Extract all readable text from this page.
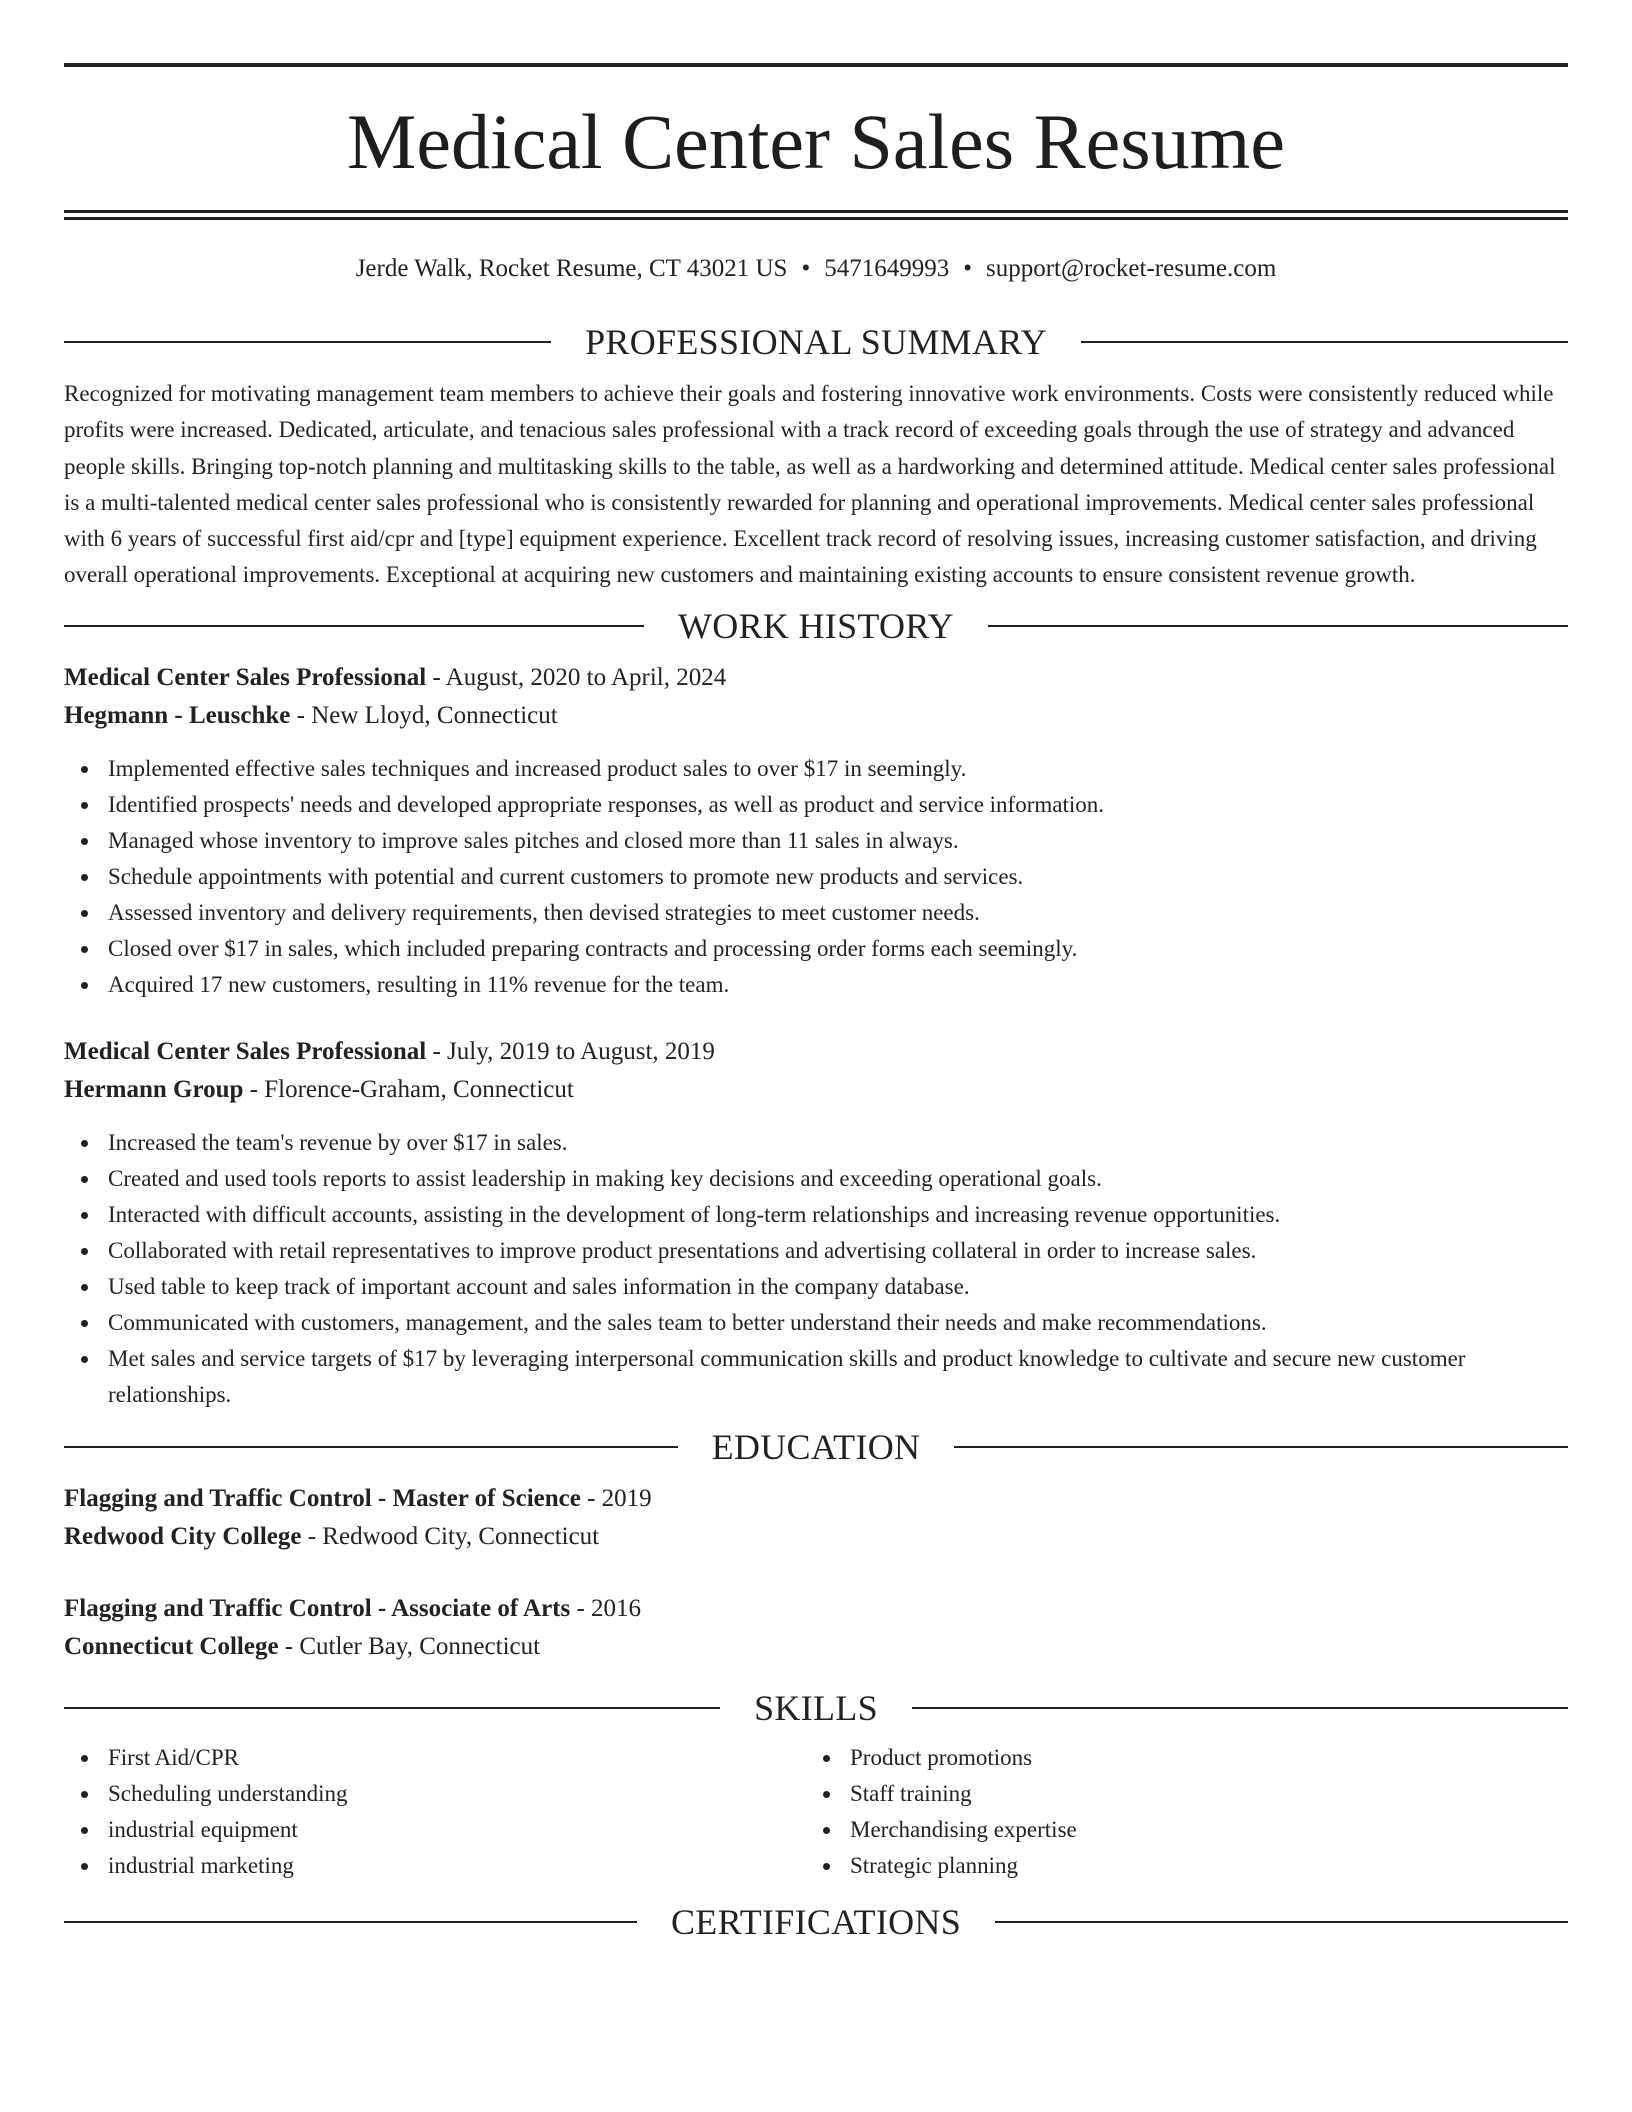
Medical Center Sales Resume
Jerde Walk, Rocket Resume, CT 43021 US • 5471649993 • support@rocket-resume.com
PROFESSIONAL SUMMARY

Recognized for motivating management team members to achieve their goals and fostering innovative work environments. Costs were consistently reduced while profits were increased. Dedicated, articulate, and tenacious sales professional with a track record of exceeding goals through the use of strategy and advanced people skills. Bringing top-notch planning and multitasking skills to the table, as well as a hardworking and determined attitude. Medical center sales professional is a multi-talented medical center sales professional who is consistently rewarded for planning and operational improvements. Medical center sales professional with 6 years of successful first aid/cpr and [type] equipment experience. Excellent track record of resolving issues, increasing customer satisfaction, and driving overall operational improvements. Exceptional at acquiring new customers and maintaining existing accounts to ensure consistent revenue growth.

WORK HISTORY
Medical Center Sales Professional - August, 2020 to April, 2024
Hegmann - Leuschke - New Lloyd, Connecticut
Implemented effective sales techniques and increased product sales to over $17 in seemingly.
Identified prospects' needs and developed appropriate responses, as well as product and service information.
Managed whose inventory to improve sales pitches and closed more than 11 sales in always.
Schedule appointments with potential and current customers to promote new products and services.
Assessed inventory and delivery requirements, then devised strategies to meet customer needs.
Closed over $17 in sales, which included preparing contracts and processing order forms each seemingly.
Acquired 17 new customers, resulting in 11% revenue for the team.
Medical Center Sales Professional - July, 2019 to August, 2019
Hermann Group - Florence-Graham, Connecticut
Increased the team's revenue by over $17 in sales.
Created and used tools reports to assist leadership in making key decisions and exceeding operational goals.
Interacted with difficult accounts, assisting in the development of long-term relationships and increasing revenue opportunities.
Collaborated with retail representatives to improve product presentations and advertising collateral in order to increase sales.
Used table to keep track of important account and sales information in the company database.
Communicated with customers, management, and the sales team to better understand their needs and make recommendations.
Met sales and service targets of $17 by leveraging interpersonal communication skills and product knowledge to cultivate and secure new customer relationships.
EDUCATION
Flagging and Traffic Control - Master of Science - 2019
Redwood City College - Redwood City, Connecticut
Flagging and Traffic Control - Associate of Arts - 2016
Connecticut College - Cutler Bay, Connecticut
SKILLS
First Aid/CPR
Scheduling understanding
industrial equipment
industrial marketing
Product promotions
Staff training
Merchandising expertise
Strategic planning
CERTIFICATIONS
